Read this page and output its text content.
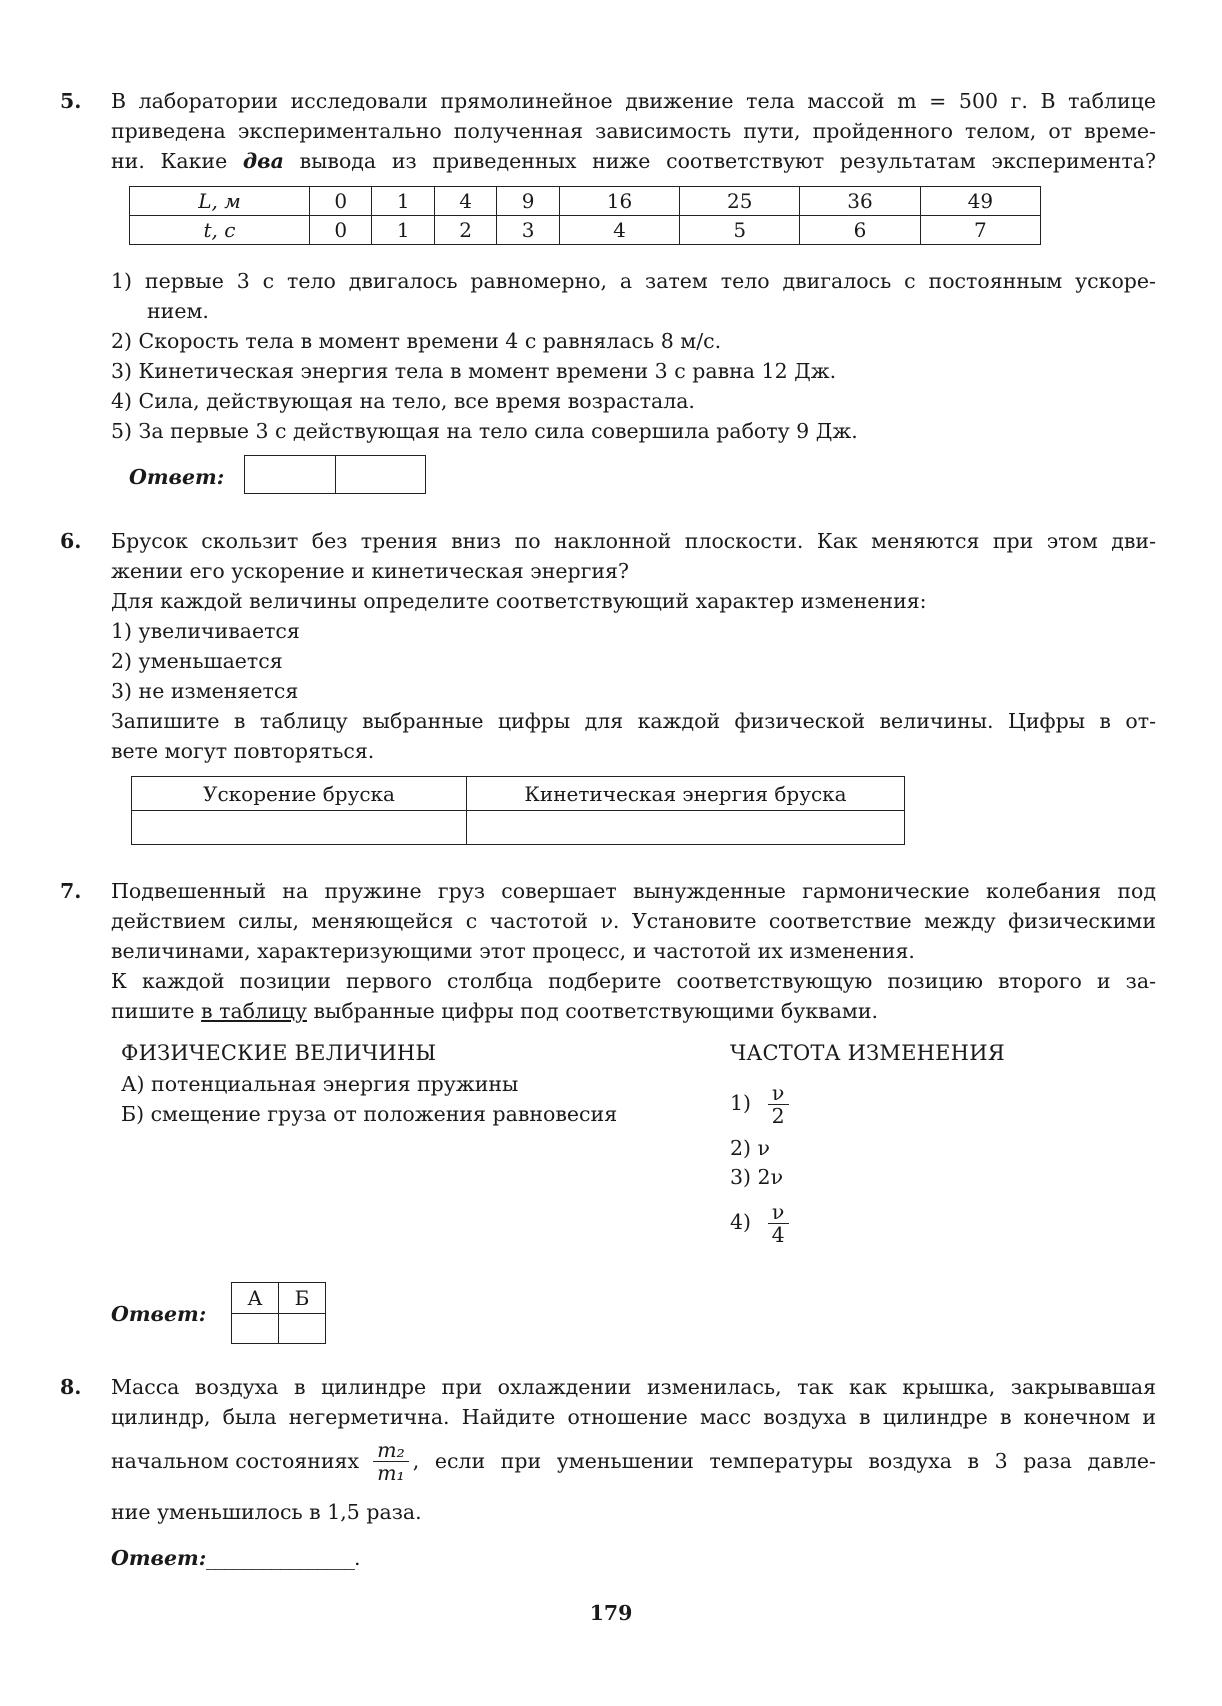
5. В лаборатории исследовали прямолинейное движение тела массой m = 500 г. В таблице
приведена экспериментально полученная зависимость пути, пройденного телом, от време-
ни. Какие два вывода из приведенных ниже соответствуют результатам эксперимента?
L, м	0	1	4	9	16	25	36	49
t, с	0	1	2	3	4	5	6	7
1) первые 3 с тело двигалось равномерно, а затем тело двигалось с постоянным ускоре-
нием.
2) Скорость тела в момент времени 4 с равнялась 8 м/с.
3) Кинетическая энергия тела в момент времени 3 с равна 12 Дж.
4) Сила, действующая на тело, все время возрастала.
5) За первые 3 с действующая на тело сила совершила работу 9 Дж.
Ответ:
6. Брусок скользит без трения вниз по наклонной плоскости. Как меняются при этом дви-
жении его ускорение и кинетическая энергия?
Для каждой величины определите соответствующий характер изменения:
1) увеличивается
2) уменьшается
3) не изменяется
Запишите в таблицу выбранные цифры для каждой физической величины. Цифры в от-
вете могут повторяться.
Ускорение бруска	Кинетическая энергия бруска

7. Подвешенный на пружине груз совершает вынужденные гармонические колебания под
действием силы, меняющейся с частотой ν. Установите соответствие между физическими
величинами, характеризующими этот процесс, и частотой их изменения.
К каждой позиции первого столбца подберите соответствующую позицию второго и за-
пишите в таблицу выбранные цифры под соответствующими буквами.
ФИЗИЧЕСКИЕ ВЕЛИЧИНЫ
А) потенциальная энергия пружины
Б) смещение груза от положения равновесия
ЧАСТОТА ИЗМЕНЕНИЯ
$1) \frac{\nu}{2}$
2) ν
3) 2ν
$4) \frac{\nu}{4}$
Ответ:
А	Б

8. Масса воздуха в цилиндре при охлаждении изменилась, так как крышка, закрывавшая
цилиндр, была негерметична. Найдите отношение масс воздуха в цилиндре в конечном и
начальном состояниях $\frac{\text{m₂}}{\text{m₁}}$ , если при уменьшении температуры воздуха в 3 раза давле-
ние уменьшилось в 1,5 раза.
Ответ: ________________.
179
